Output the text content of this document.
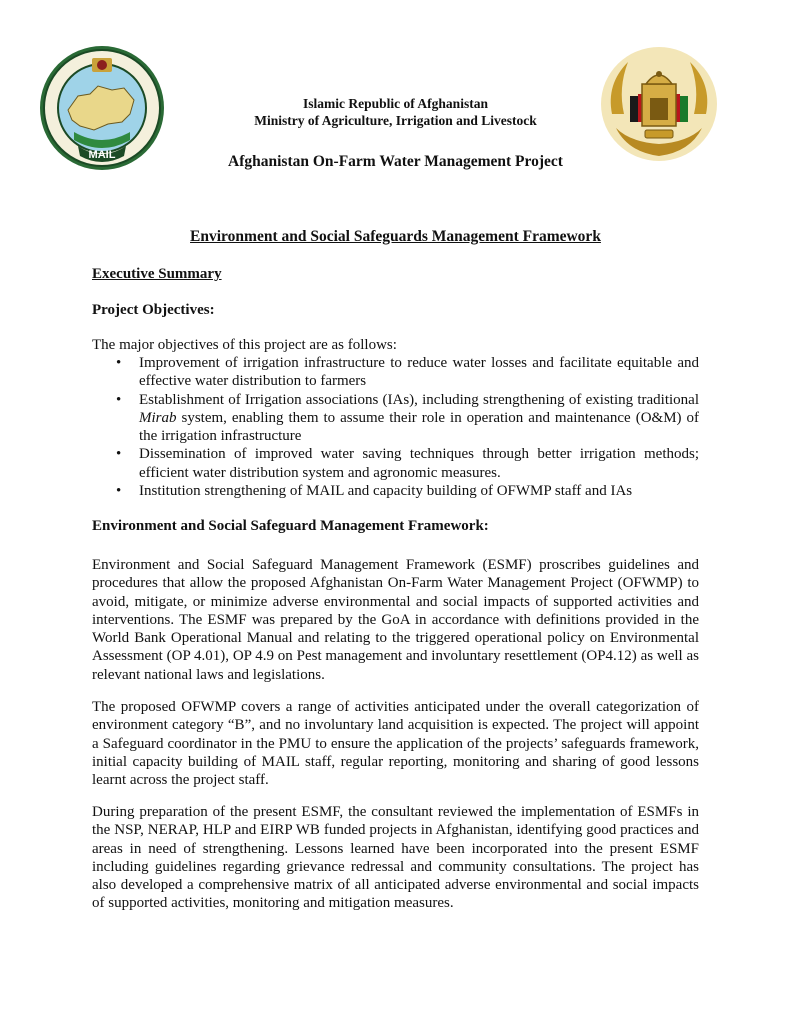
MAIL
Islamic Republic of Afghanistan
Ministry of Agriculture, Irrigation and Livestock
Afghanistan On-Farm Water Management Project
Environment and Social Safeguards Management Framework
Executive Summary
Project Objectives:
The major objectives of this project are as follows:
• Improvement of irrigation infrastructure to reduce water losses and facilitate equitable and effective water distribution to farmers
• Establishment of Irrigation associations (IAs), including strengthening of existing traditional Mirab system, enabling them to assume their role in operation and maintenance (O&M) of the irrigation infrastructure
• Dissemination of improved water saving techniques through better irrigation methods; efficient water distribution system and agronomic measures.
• Institution strengthening of MAIL and capacity building of OFWMP staff and IAs
Environment and Social Safeguard Management Framework:
Environment and Social Safeguard Management Framework (ESMF) proscribes guidelines and procedures that allow the proposed Afghanistan On-Farm Water Management Project (OFWMP) to avoid, mitigate, or minimize adverse environmental and social impacts of supported activities and interventions. The ESMF was prepared by the GoA in accordance with definitions provided in the World Bank Operational Manual and relating to the triggered operational policy on Environmental Assessment (OP 4.01), OP 4.9 on Pest management and involuntary resettlement (OP4.12) as well as relevant national laws and legislations.
The proposed OFWMP covers a range of activities anticipated under the overall categorization of environment category “B”, and no involuntary land acquisition is expected. The project will appoint a Safeguard coordinator in the PMU to ensure the application of the projects’ safeguards framework, initial capacity building of MAIL staff, regular reporting, monitoring and sharing of good lessons learnt across the project staff.
During preparation of the present ESMF, the consultant reviewed the implementation of ESMFs in the NSP, NERAP, HLP and EIRP WB funded projects in Afghanistan, identifying good practices and areas in need of strengthening. Lessons learned have been incorporated into the present ESMF including guidelines regarding grievance redressal and community consultations. The project has also developed a comprehensive matrix of all anticipated adverse environmental and social impacts of supported activities, monitoring and mitigation measures.
